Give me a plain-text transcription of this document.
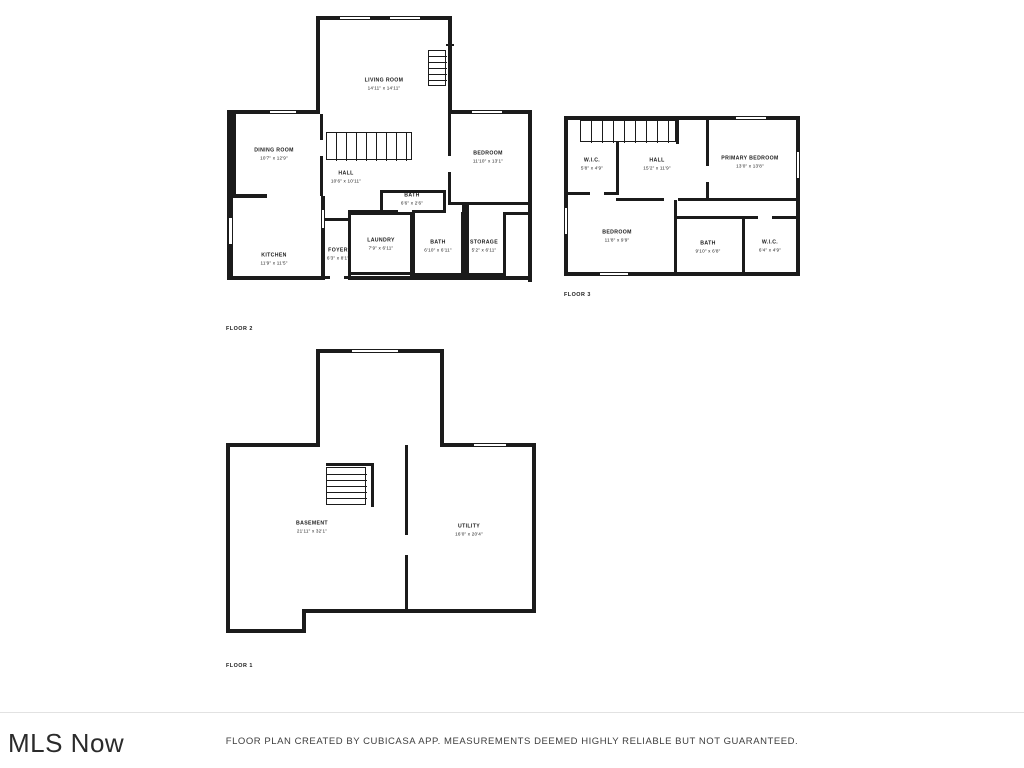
LIVING ROOM
14'11" x 14'11"
DINING ROOM
10'7" x 12'9"
HALL
10'6" x 10'11"
BEDROOM
11'10" x 13'1"
BATH
6'6" x 2'6"
KITCHEN
11'9" x 11'5"
FOYER
6'3" x 8'1"
LAUNDRY
7'9" x 6'11"
BATH
6'10" x 6'11"
STORAGE
5'2" x 6'11"
FLOOR 2
W.I.C.
5'8" x 4'9"
HALL
15'2" x 11'9"
PRIMARY BEDROOM
13'0" x 13'8"
BEDROOM
11'8" x 9'9"
BATH
9'10" x 6'8"
W.I.C.
6'4" x 4'9"
FLOOR 3
BASEMENT
21'11" x 32'1"
UTILITY
16'0" x 20'4"
FLOOR 1
MLS Now	FLOOR PLAN CREATED BY CUBICASA APP. MEASUREMENTS DEEMED HIGHLY RELIABLE BUT NOT GUARANTEED.
